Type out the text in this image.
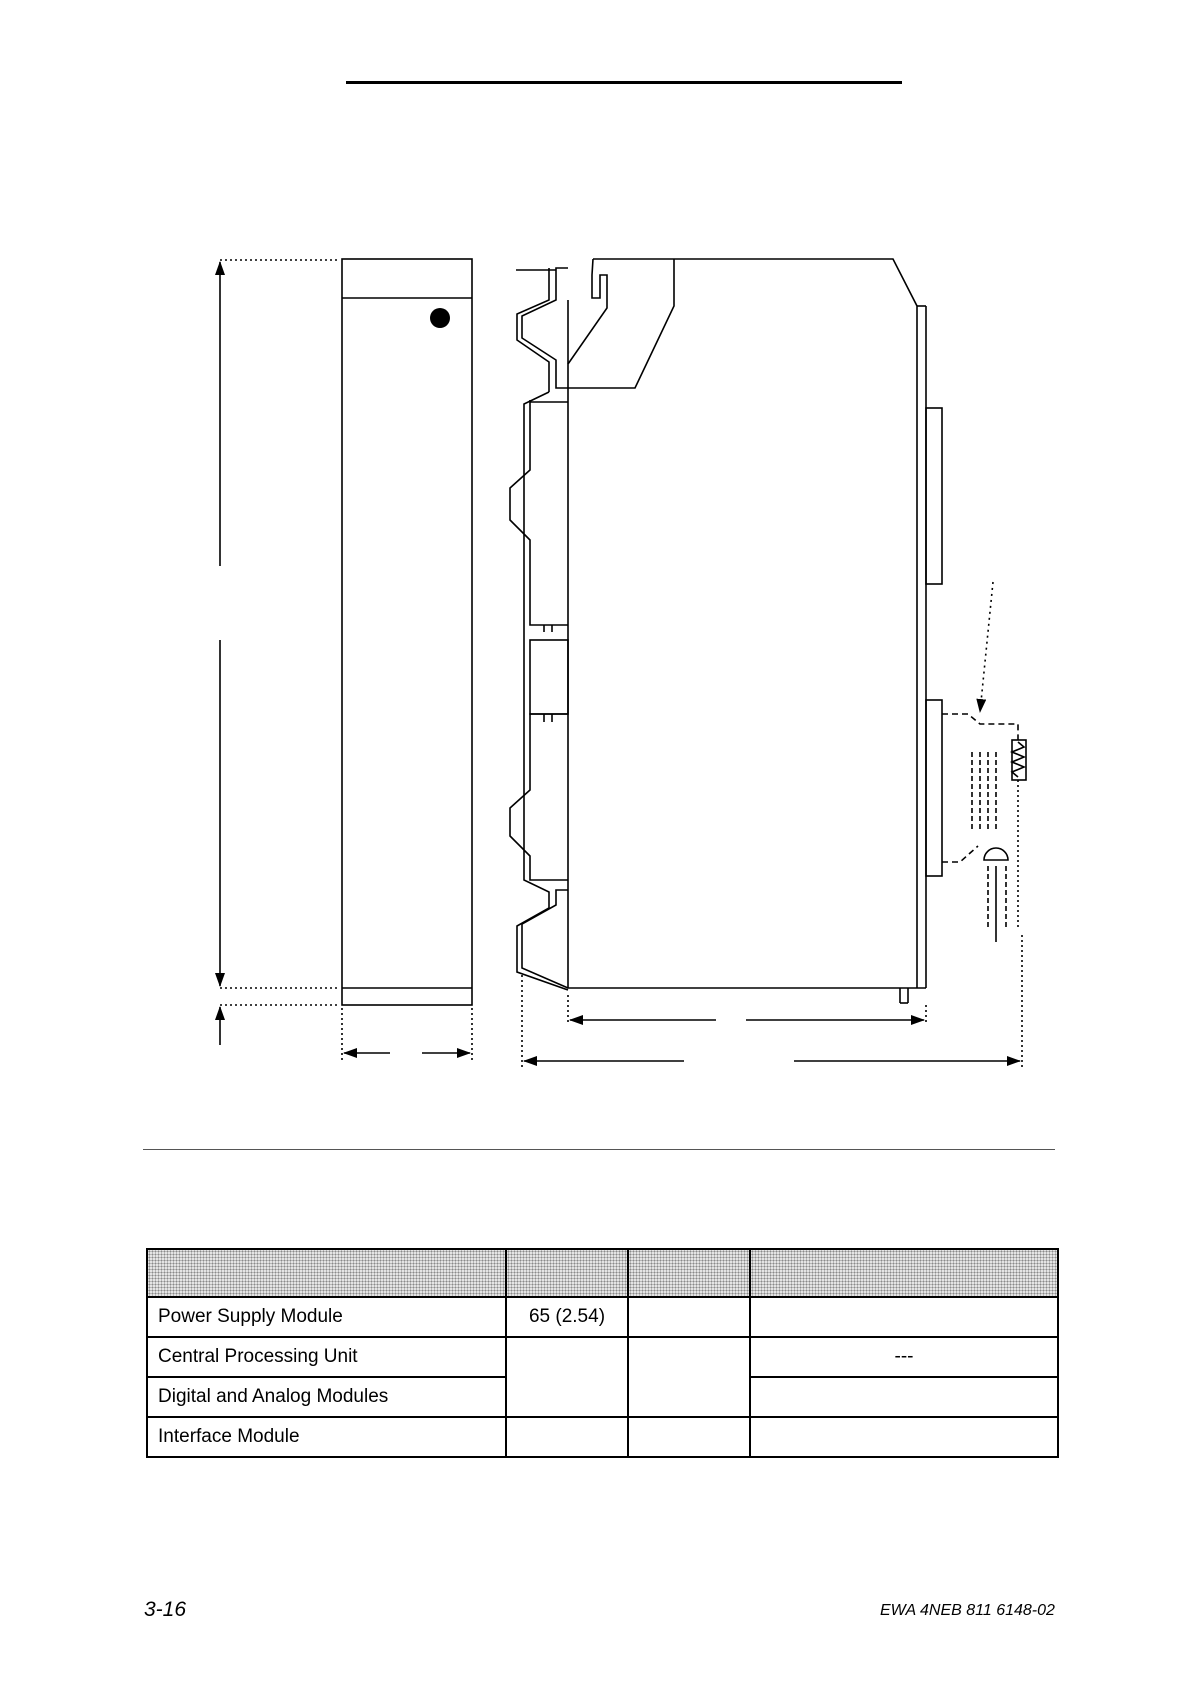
Power Supply Module	65 (2.54)		
Central Processing Unit			---
Digital and Analog Modules			
Interface Module			
3-16	EWA 4NEB 811 6148-02
